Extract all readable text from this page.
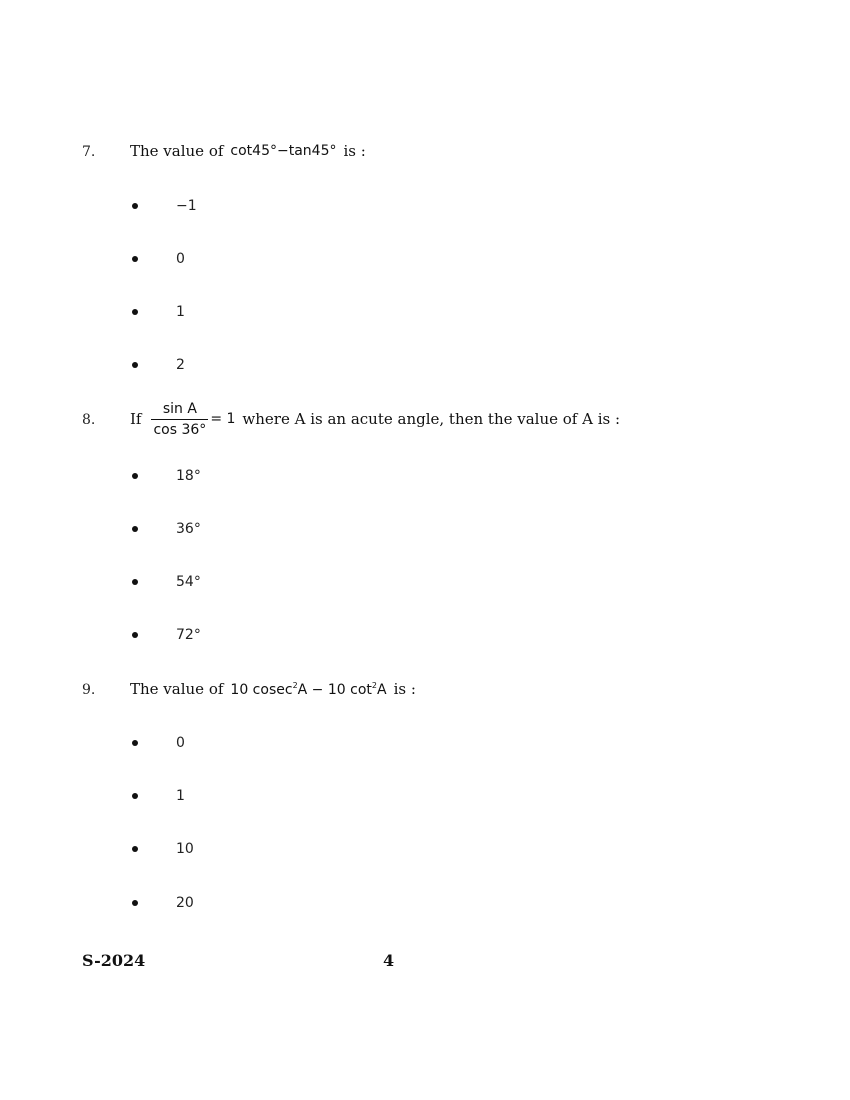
7. The value of cot45°−tan45° is :
−1
0
1
2
8. If $\frac{\text{sin A}}{\cos 36^\circ} = 1$ where A is an acute angle, then the value of A is :
18°
36°
54°
72°
9. The value of 10 cosec$^2$A − 10 $\cot^2A$ is :
0
1
10
20
S-2024	4
